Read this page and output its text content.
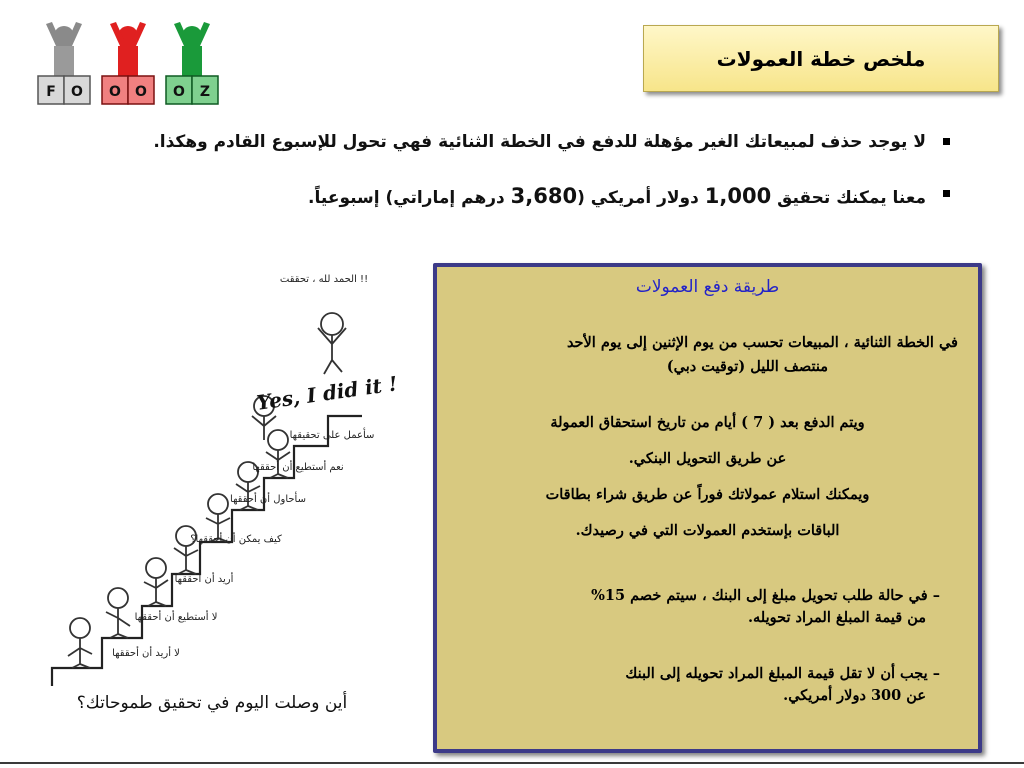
F O O O O Z
ملخص خطة العمولات
لا يوجد حذف لمبيعاتك الغير مؤهلة للدفع في الخطة الثنائية فهي تحول للإسبوع القادم وهكذا.
معنا يمكنك تحقيق 1,000 دولار أمريكي (3,680 درهم إماراتي) إسبوعياً.
الحمد لله ، تحققت !!
Yes, I did it !
سأعمل على تحقيقها
نعم أستطيع أن أحققها
سأحاول أن أحققها
كيف يمكن أن أحققها؟
أريد أن أحققها
لا أستطيع أن أحققها
لا أريد أن أحققها
أين وصلت اليوم في تحقيق طموحاتك؟
طريقة دفع العمولات
في الخطة الثنائية ، المبيعات تحسب من يوم الإثنين إلى يوم الأحد
منتصف الليل (توقيت دبي)
ويتم الدفع بعد ( 7 ) أيام من تاريخ استحقاق العمولة
عن طريق التحويل البنكي.
ويمكنك استلام عمولاتك فوراً عن طريق شراء بطاقات
الباقات بإستخدم العمولات التي في رصيدك.
– في حالة طلب تحويل مبلغ إلى البنك ، سيتم خصم 15%
من قيمة المبلغ المراد تحويله.
– يجب أن لا تقل قيمة المبلغ المراد تحويله إلى البنك
عن 300 دولار أمريكي.
